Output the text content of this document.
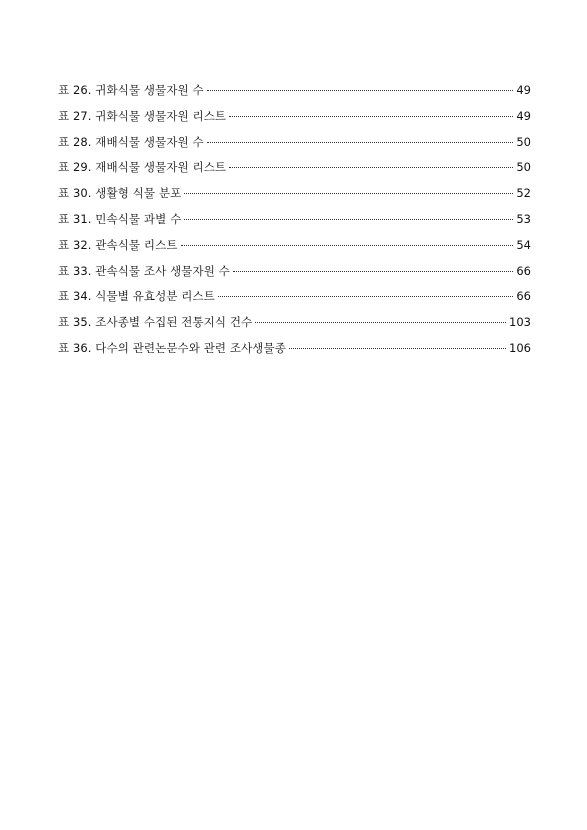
표 26. 귀화식물 생물자원 수	49
표 27. 귀화식물 생물자원 리스트	49
표 28. 재배식물 생물자원 수	50
표 29. 재배식물 생물자원 리스트	50
표 30. 생활형 식물 분포	52
표 31. 민속식물 과별 수	53
표 32. 관속식물 리스트	54
표 33. 관속식물 조사 생물자원 수	66
표 34. 식물별 유효성분 리스트	66
표 35. 조사종별 수집된 전통지식 건수	103
표 36. 다수의 관련논문수와 관련 조사생물종	106
